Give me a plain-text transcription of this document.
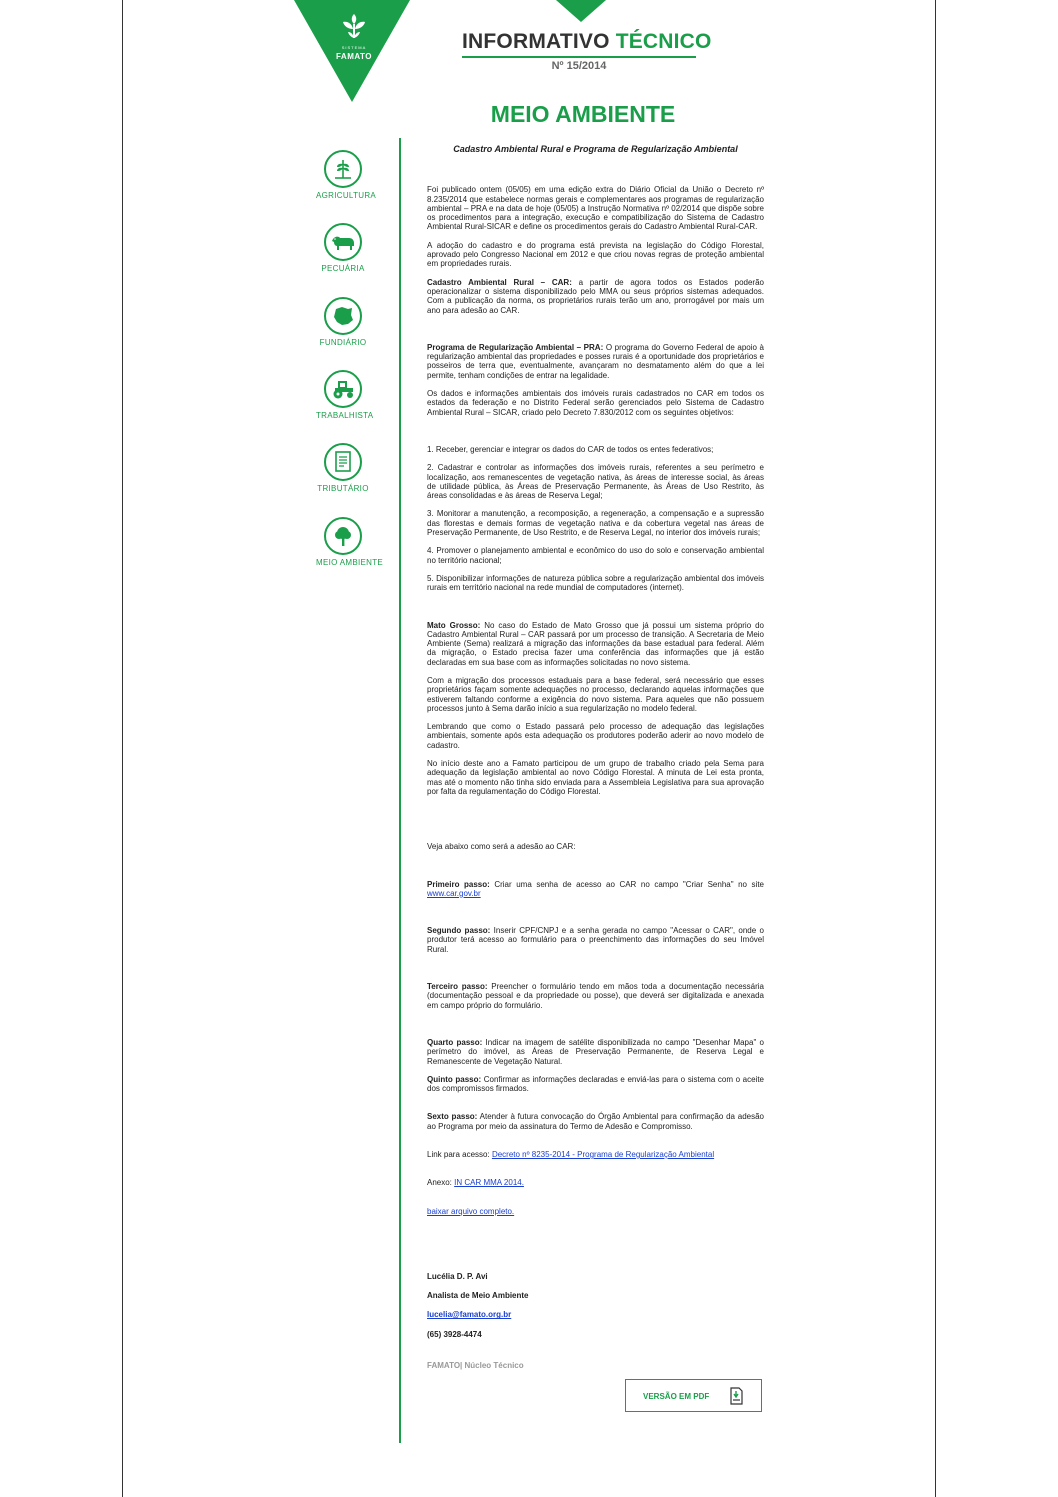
SISTEMA
FAMATO
INFORMATIVO TÉCNICO
Nº 15/2014
MEIO AMBIENTE
AGRICULTURA
PECUÁRIA
FUNDIÁRIO
TRABALHISTA
TRIBUTÁRIO
MEIO AMBIENTE

Cadastro Ambiental Rural e Programa de Regularização Ambiental

Foi publicado ontem (05/05) em uma edição extra do Diário Oficial da União o Decreto nº 8.235/2014 que estabelece normas gerais e complementares aos programas de regularização ambiental – PRA e na data de hoje (05/05) a Instrução Normativa nº 02/2014 que dispõe sobre os procedimentos para a integração, execução e compatibilização do Sistema de Cadastro Ambiental Rural-SICAR e define os procedimentos gerais do Cadastro Ambiental Rural-CAR.

A adoção do cadastro e do programa está prevista na legislação do Código Florestal, aprovado pelo Congresso Nacional em 2012 e que criou novas regras de proteção ambiental em propriedades rurais.

Cadastro Ambiental Rural – CAR: a partir de agora todos os Estados poderão operacionalizar o sistema disponibilizado pelo MMA ou seus próprios sistemas adequados. Com a publicação da norma, os proprietários rurais terão um ano, prorrogável por mais um ano para adesão ao CAR.

Programa de Regularização Ambiental – PRA: O programa do Governo Federal de apoio à regularização ambiental das propriedades e posses rurais é a oportunidade dos proprietários e posseiros de terra que, eventualmente, avançaram no desmatamento além do que a lei permite, tenham condições de entrar na legalidade.

Os dados e informações ambientais dos imóveis rurais cadastrados no CAR em todos os estados da federação e no Distrito Federal serão gerenciados pelo Sistema de Cadastro Ambiental Rural – SICAR, criado pelo Decreto 7.830/2012 com os seguintes objetivos:

1. Receber, gerenciar e integrar os dados do CAR de todos os entes federativos;

2. Cadastrar e controlar as informações dos imóveis rurais, referentes a seu perímetro e localização, aos remanescentes de vegetação nativa, às áreas de interesse social, às áreas de utilidade pública, às Áreas de Preservação Permanente, às Áreas de Uso Restrito, às áreas consolidadas e às áreas de Reserva Legal;

3. Monitorar a manutenção, a recomposição, a regeneração, a compensação e a supressão das florestas e demais formas de vegetação nativa e da cobertura vegetal nas áreas de Preservação Permanente, de Uso Restrito, e de Reserva Legal, no interior dos imóveis rurais;

4. Promover o planejamento ambiental e econômico do uso do solo e conservação ambiental no território nacional;

5. Disponibilizar informações de natureza pública sobre a regularização ambiental dos imóveis rurais em território nacional na rede mundial de computadores (internet).

Mato Grosso: No caso do Estado de Mato Grosso que já possui um sistema próprio do Cadastro Ambiental Rural – CAR passará por um processo de transição. A Secretaria de Meio Ambiente (Sema) realizará a migração das informações da base estadual para federal. Além da migração, o Estado precisa fazer uma conferência das informações que já estão declaradas em sua base com as informações solicitadas no novo sistema.

Com a migração dos processos estaduais para a base federal, será necessário que esses proprietários façam somente adequações no processo, declarando aquelas informações que estiverem faltando conforme a exigência do novo sistema. Para aqueles que não possuem processos junto à Sema darão início a sua regularização no modelo federal.

Lembrando que como o Estado passará pelo processo de adequação das legislações ambientais, somente após esta adequação os produtores poderão aderir ao novo modelo de cadastro.

No início deste ano a Famato participou de um grupo de trabalho criado pela Sema para adequação da legislação ambiental ao novo Código Florestal. A minuta de Lei esta pronta, mas até o momento não tinha sido enviada para a Assembleia Legislativa para sua aprovação por falta da regulamentação do Código Florestal.

Veja abaixo como será a adesão ao CAR:

Primeiro passo: Criar uma senha de acesso ao CAR no campo "Criar Senha" no site www.car.gov.br

Segundo passo: Inserir CPF/CNPJ e a senha gerada no campo "Acessar o CAR", onde o produtor terá acesso ao formulário para o preenchimento das informações do seu Imóvel Rural.

Terceiro passo: Preencher o formulário tendo em mãos toda a documentação necessária (documentação pessoal e da propriedade ou posse), que deverá ser digitalizada e anexada em campo próprio do formulário.

Quarto passo: Indicar na imagem de satélite disponibilizada no campo "Desenhar Mapa" o perímetro do imóvel, as Áreas de Preservação Permanente, de Reserva Legal e Remanescente de Vegetação Natural.

Quinto passo: Confirmar as informações declaradas e enviá-las para o sistema com o aceite dos compromissos firmados.

Sexto passo: Atender à futura convocação do Órgão Ambiental para confirmação da adesão ao Programa por meio da assinatura do Termo de Adesão e Compromisso.

Link para acesso: Decreto nº 8235-2014 - Programa de Regularização Ambiental

Anexo: IN CAR MMA 2014.

baixar arquivo completo.

Lucélia D. P. Avi

Analista de Meio Ambiente

lucelia@famato.org.br

(65) 3928-4474

FAMATO| Núcleo Técnico

VERSÃO EM PDF
